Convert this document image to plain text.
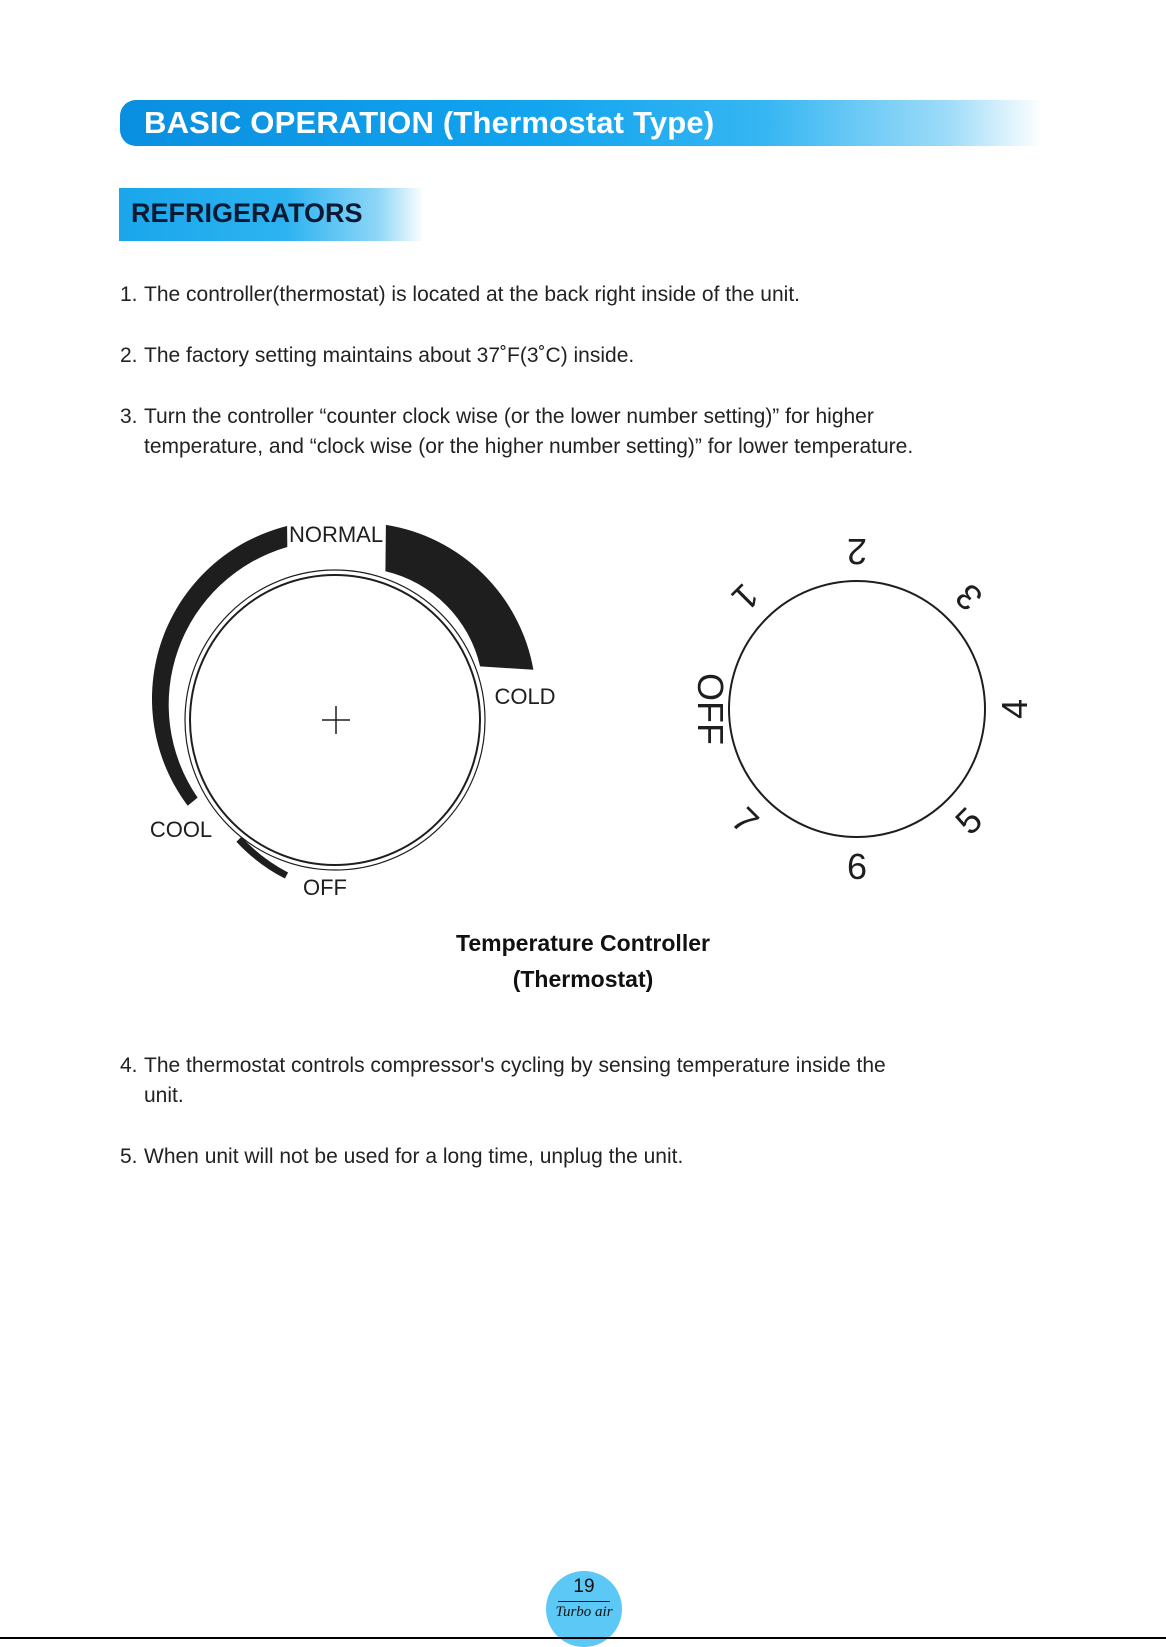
BASIC OPERATION (Thermostat Type)
REFRIGERATORS
1. The controller(thermostat) is located at the back right inside of the unit.
2. The factory setting maintains about 37˚F(3˚C) inside.
3. Turn the controller “counter clock wise (or the lower number setting)” for higher
temperature, and “clock wise (or the higher number setting)” for lower temperature.
NORMAL
COLD
COOL
OFF
OFF
1
2
3
4
5
6
7
Temperature Controller
(Thermostat)
4. The thermostat controls compressor's cycling by sensing temperature inside the
unit.
5. When unit will not be used for a long time, unplug the unit.
19
Turbo air
